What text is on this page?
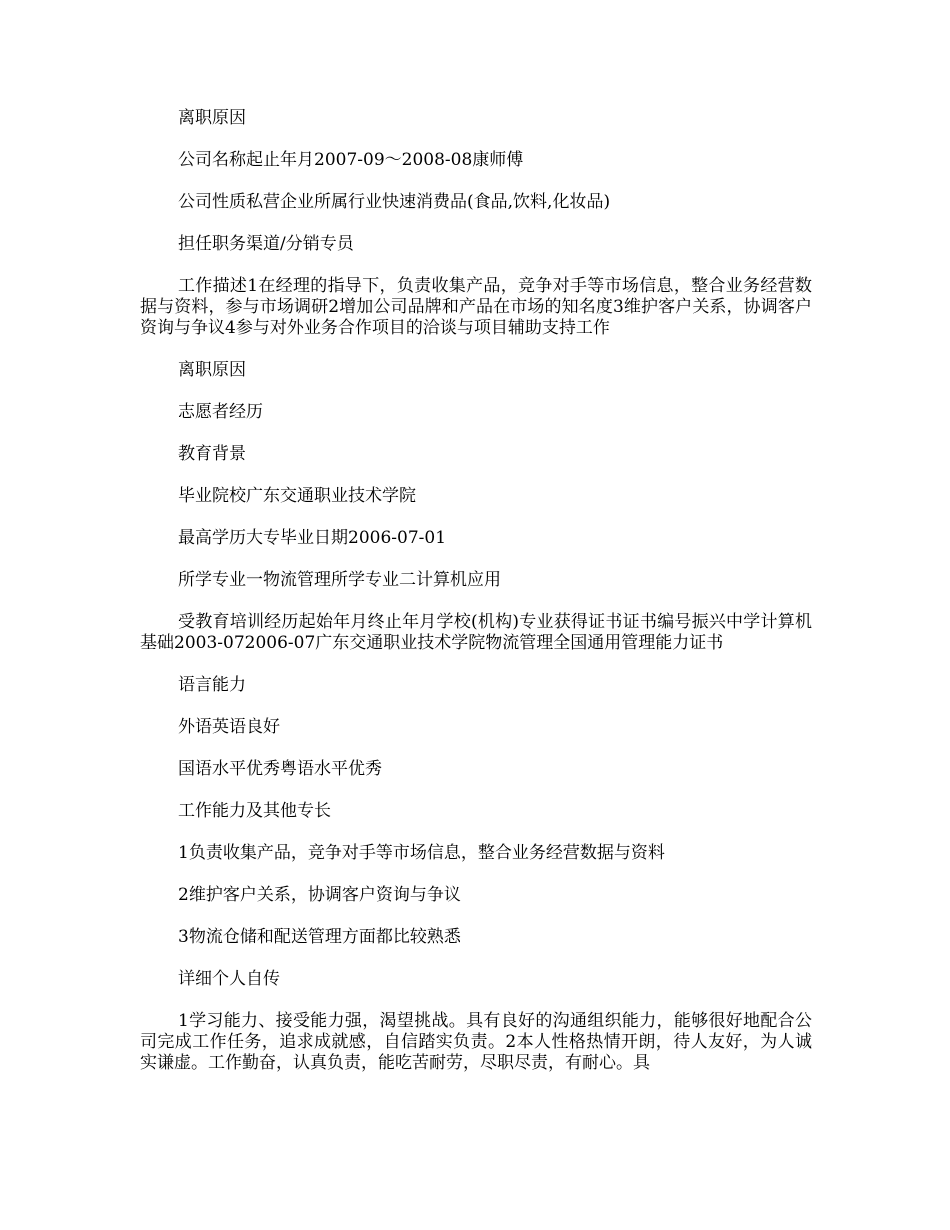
离职原因

公司名称起止年月2007-09～2008-08康师傅

公司性质私营企业所属行业快速消费品(食品,饮料,化妆品)

担任职务渠道/分销专员

工作描述1在经理的指导下，负责收集产品，竞争对手等市场信息，整合业务经营数据与资料，参与市场调研2增加公司品牌和产品在市场的知名度3维护客户关系，协调客户资询与争议4参与对外业务合作项目的洽谈与项目辅助支持工作

离职原因

志愿者经历

教育背景

毕业院校广东交通职业技术学院

最高学历大专毕业日期2006-07-01

所学专业一物流管理所学专业二计算机应用

受教育培训经历起始年月终止年月学校(机构)专业获得证书证书编号振兴中学计算机基础2003-072006-07广东交通职业技术学院物流管理全国通用管理能力证书

语言能力

外语英语良好

国语水平优秀粤语水平优秀

工作能力及其他专长

1负责收集产品，竞争对手等市场信息，整合业务经营数据与资料

2维护客户关系，协调客户资询与争议

3物流仓储和配送管理方面都比较熟悉

详细个人自传

1学习能力、接受能力强，渴望挑战。具有良好的沟通组织能力，能够很好地配合公司完成工作任务，追求成就感，自信踏实负责。2本人性格热情开朗，待人友好，为人诚实谦虚。工作勤奋，认真负责，能吃苦耐劳，尽职尽责，有耐心。具
